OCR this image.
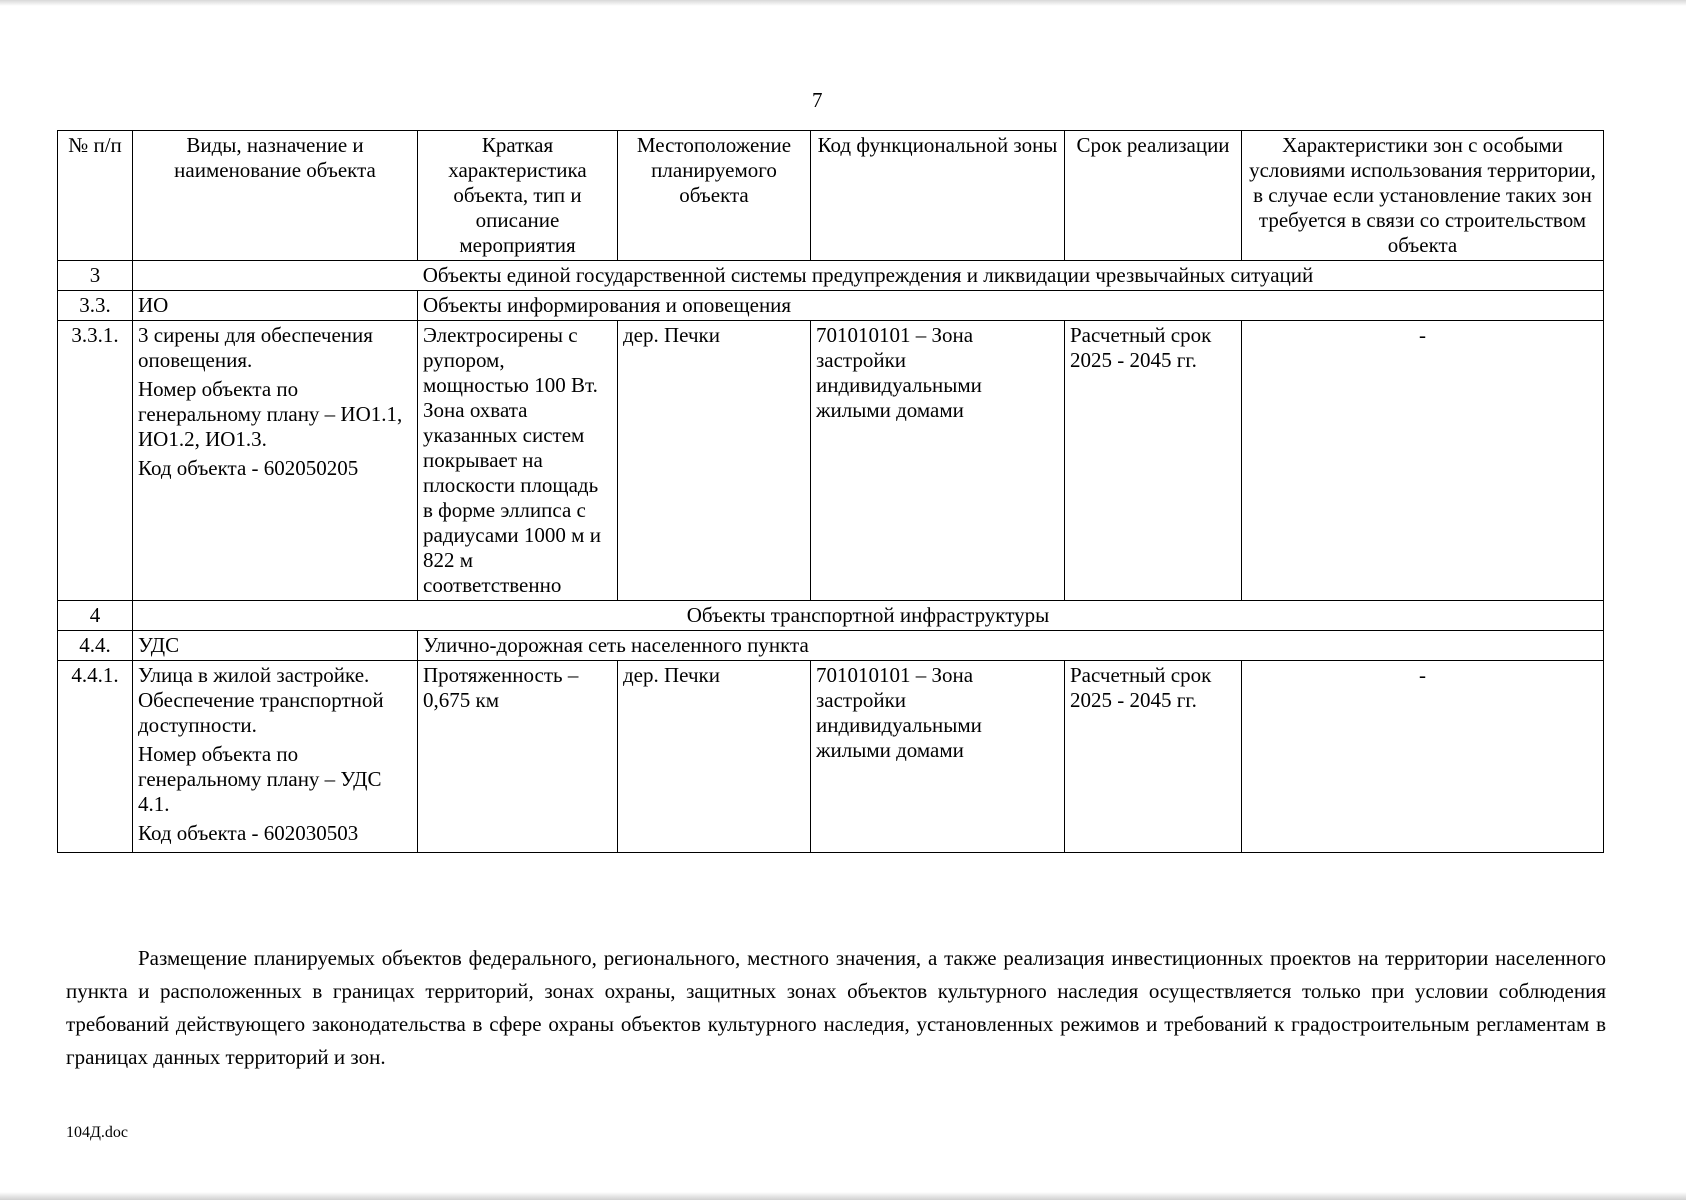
7
№ п/п	Виды, назначение и наименование объекта	Краткая характеристика объекта, тип и описание мероприятия	Местоположение планируемого объекта	Код функциональной зоны	Срок реализации	Характеристики зон с особыми условиями использования территории, в случае если установление таких зон требуется в связи со строительством объекта
3	Объекты единой государственной системы предупреждения и ликвидации чрезвычайных ситуаций					
3.3.	ИО	Объекты информирования и оповещения				
3.3.1.	3 сирены для обеспечения оповещения.

Номер объекта по генеральному плану – ИО1.1, ИО1.2, ИО1.3.

Код объекта - 602050205	Электросирены с рупором, мощностью 100 Вт. Зона охвата указанных систем покрывает на плоскости площадь в форме эллипса с радиусами 1000 м и 822 м соответственно	дер. Печки	701010101 – Зона застройки индивидуальными жилыми домами	Расчетный срок 2025 - 2045 гг.	-
4	Объекты транспортной инфраструктуры					
4.4.	УДС	Улично-дорожная сеть населенного пункта				
4.4.1.	Улица в жилой застройке. Обеспечение транспортной доступности.

Номер объекта по генеральному плану – УДС 4.1.

Код объекта - 602030503	Протяженность – 0,675 км	дер. Печки	701010101 – Зона застройки индивидуальными жилыми домами	Расчетный срок 2025 - 2045 гг.	-

Размещение планируемых объектов федерального, регионального, местного значения, а также реализация инвестиционных проектов на территории населенного пункта и расположенных в границах территорий, зонах охраны, защитных зонах объектов культурного наследия осуществляется только при условии соблюдения требований действующего законодательства в сфере охраны объектов культурного наследия, установленных режимов и требований к градостроительным регламентам в границах данных территорий и зон.

104Д.doc
